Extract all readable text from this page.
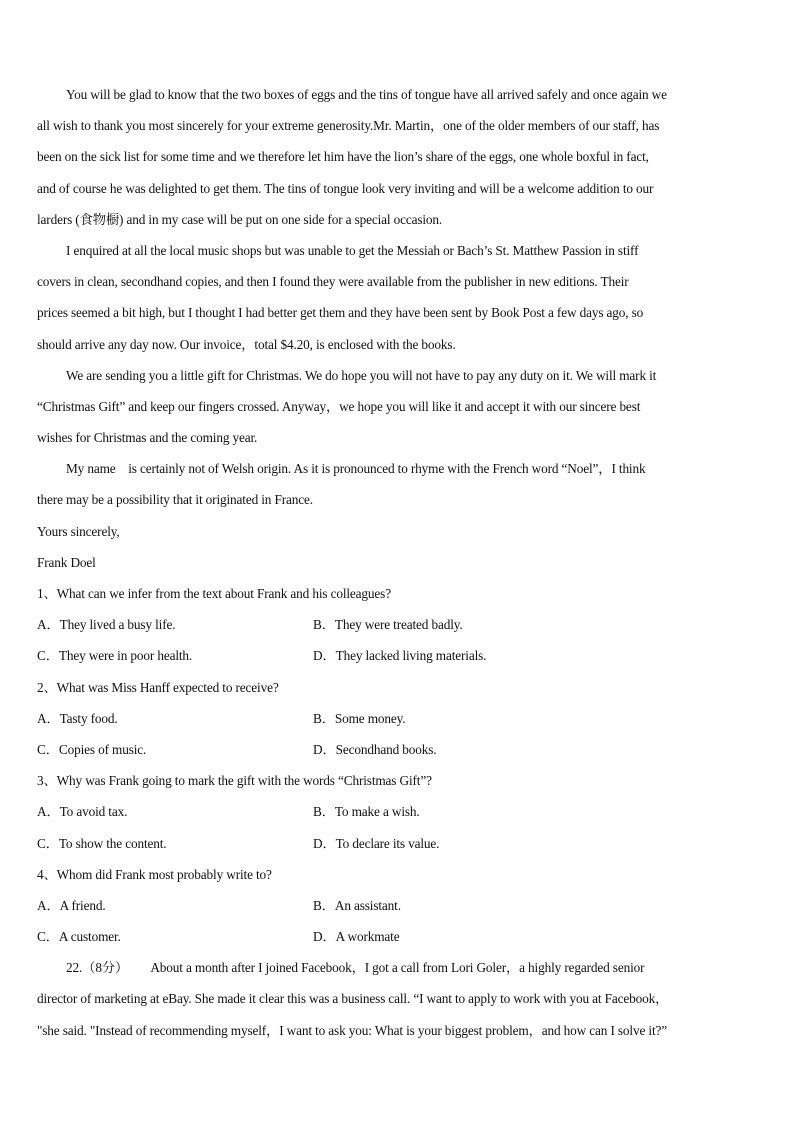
You will be glad to know that the two boxes of eggs and the tins of tongue have all arrived safely and once again we
all wish to thank you most sincerely for your extreme generosity.Mr. Martin，one of the older members of our staff, has
been on the sick list for some time and we therefore let him have the lion’s share of the eggs, one whole boxful in fact,
and of course he was delighted to get them. The tins of tongue look very inviting and will be a welcome addition to our
larders (食物橱) and in my case will be put on one side for a special occasion.
I enquired at all the local music shops but was unable to get the Messiah or Bach’s St. Matthew Passion in stiff
covers in clean, secondhand copies, and then I found they were available from the publisher in new editions. Their
prices seemed a bit high, but I thought I had better get them and they have been sent by Book Post a few days ago, so
should arrive any day now. Our invoice，total $4.20, is enclosed with the books.
We are sending you a little gift for Christmas. We do hope you will not have to pay any duty on it. We will mark it
“Christmas Gift” and keep our fingers crossed. Anyway，we hope you will like it and accept it with our sincere best
wishes for Christmas and the coming year.
My name    is certainly not of Welsh origin. As it is pronounced to rhyme with the French word “Noel”，I think
there may be a possibility that it originated in France.
Yours sincerely,
Frank Doel
1、What can we infer from the text about Frank and his colleagues?
A．They lived a busy life.	B．They were treated badly.
C．They were in poor health.	D．They lacked living materials.
2、What was Miss Hanff expected to receive?
A．Tasty food.	B．Some money.
C．Copies of music.	D．Secondhand books.
3、Why was Frank going to mark the gift with the words “Christmas Gift”?
A．To avoid tax.	B．To make a wish.
C．To show the content.	D．To declare its value.
4、Whom did Frank most probably write to?
A．A friend.	B．An assistant.
C．A customer.	D．A workmate
22.（8分）       About a month after I joined Facebook，I got a call from Lori Goler，a highly regarded senior
director of marketing at eBay. She made it clear this was a business call. “I want to apply to work with you at Facebook，
"she said. "Instead of recommending myself，I want to ask you: What is your biggest problem，and how can I solve it?”
